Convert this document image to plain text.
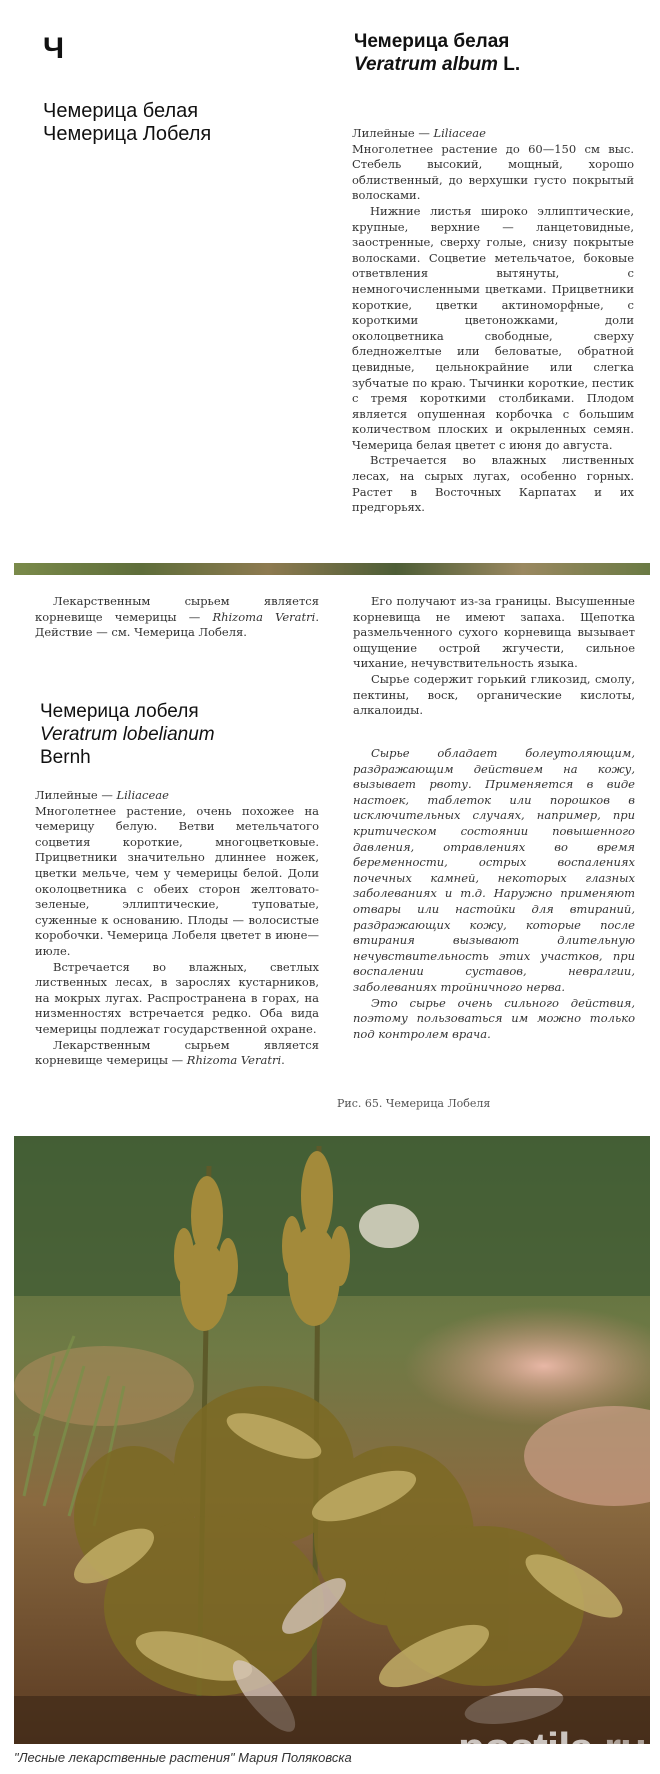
Ч
Чемерица белая
Чемерица Лобеля
Чемерица белая
Veratrum album L.

Лилейные — Liliaceae

Многолетнее растение до 60—150 см выс. Стебель высокий, мощный, хорошо облиственный, до верхушки густо покрытый волосками.

Нижние листья широко эллиптические, крупные, верхние — ланцетовидные, заостренные, сверху голые, снизу покрытые волосками. Соцветие метельчатое, боковые ответвления вытянуты, с немногочисленными цветками. Прицветники короткие, цветки актиноморфные, с короткими цветоножками, доли околоцветника свободные, сверху бледножелтые или беловатые, обратной цевидные, цельнокрайние или слегка зубчатые по краю. Тычинки короткие, пестик с тремя короткими столбиками. Плодом является опушенная корбочка с большим количеством плоских и окрыленных семян. Чемерица белая цветет с июня до августа.

Встречается во влажных лиственных лесах, на сырых лугах, особенно горных. Растет в Восточных Карпатах и их предгорьях.

Лекарственным сырьем является корневище чемерицы — Rhizoma Veratri. Действие — см. Чемерица Лобеля.

Его получают из-за границы. Высушенные корневища не имеют запаха. Щепотка размельченного сухого корневища вызывает ощущение острой жгучести, сильное чихание, нечувствительность языка.

Сырье содержит горький гликозид, смолу, пектины, воск, органические кислоты, алкалоиды.

Чемерица лобеля
Veratrum lobelianum
Bernh

Лилейные — Liliaceae

Многолетнее растение, очень похожее на чемерицу белую. Ветви метельчатого соцветия короткие, многоцветковые. Прицветники значительно длиннее ножек, цветки мельче, чем у чемерицы белой. Доли околоцветника с обеих сторон желтовато-зеленые, эллиптические, туповатые, суженные к основанию. Плоды — волосистые коробочки. Чемерица Лобеля цветет в июне—июле.

Встречается во влажных, светлых лиственных лесах, в зарослях кустарников, на мокрых лугах. Распространена в горах, на низменностях встречается редко. Оба вида чемерицы подлежат государственной охране.

Лекарственным сырьем является корневище чемерицы — Rhizoma Veratri.

Сырье обладает болеутоляющим, раздражающим действием на кожу, вызывает рвоту. Применяется в виде настоек, таблеток или порошков в исключительных случаях, например, при критическом состоянии повышенного давления, отравлениях во время беременности, острых воспалениях почечных камней, некоторых глазных заболеваниях и т.д. Наружно применяют отвары или настойки для втираний, раздражающих кожу, которые после втирания вызывают длительную нечувствительность этих участков, при воспалении суставов, невралгии, заболеваниях тройничного нерва.

Это сырье очень сильного действия, поэтому пользоваться им можно только под контролем врача.

Рис. 65. Чемерица Лобеля
postila.ru
"Лесные лекарственные растения" Мария Поляковска
